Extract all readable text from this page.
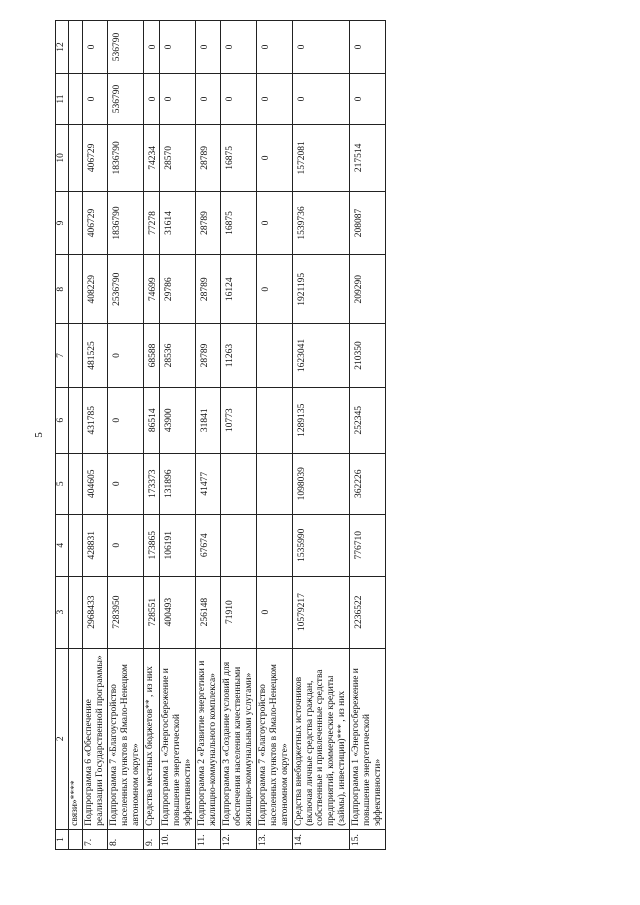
5
1	2	3	4	5	6	7	8	9	10	11	12
	связи»****										
7.	Подпрограмма 6 «Обеспечение реализации Государственной программы»	2968433	428831	404605	431785	481525	408229	406729	406729	0	0
8.	Подпрограмма 7 «Благоустройство населенных пунктов в Ямало-Ненецком автономном округе»	7283950	0	0	0	0	2536790	1836790	1836790	536790	536790
9.	Средства местных бюджетов** , из них	728551	173865	173373	86514	68588	74699	77278	74234	0	0
10.	Подпрограмма 1 «Энергосбережение и повышение энергетической эффективности»	400493	106191	131896	43900	28536	29786	31614	28570	0	0
11.	Подпрограмма 2 «Развитие энергетики и жилищно-коммунального комплекса»	256148	67674	41477	31841	28789	28789	28789	28789	0	0
12.	Подпрограмма 3 «Создание условий для обеспечения населения качественными жилищно-коммунальными услугами»	71910			10773	11263	16124	16875	16875	0	0
13.	Подпрограмма 7 «Благоустройство населенных пунктов в Ямало-Ненецком автономном округе»	0					0	0	0	0	0
14.	Средства внебюджетных источников (включая личные средства граждан, собственные и привлеченные средства предприятий, коммерческие кредиты (займы), инвестиции)*** , из них	10579217	1535990	1098039	1289135	1623041	1921195	1539736	1572081	0	0
15.	Подпрограмма 1 «Энергосбережение и повышение энергетической эффективности»	2236522	776710	362226	252345	210350	209290	208087	217514	0	0
